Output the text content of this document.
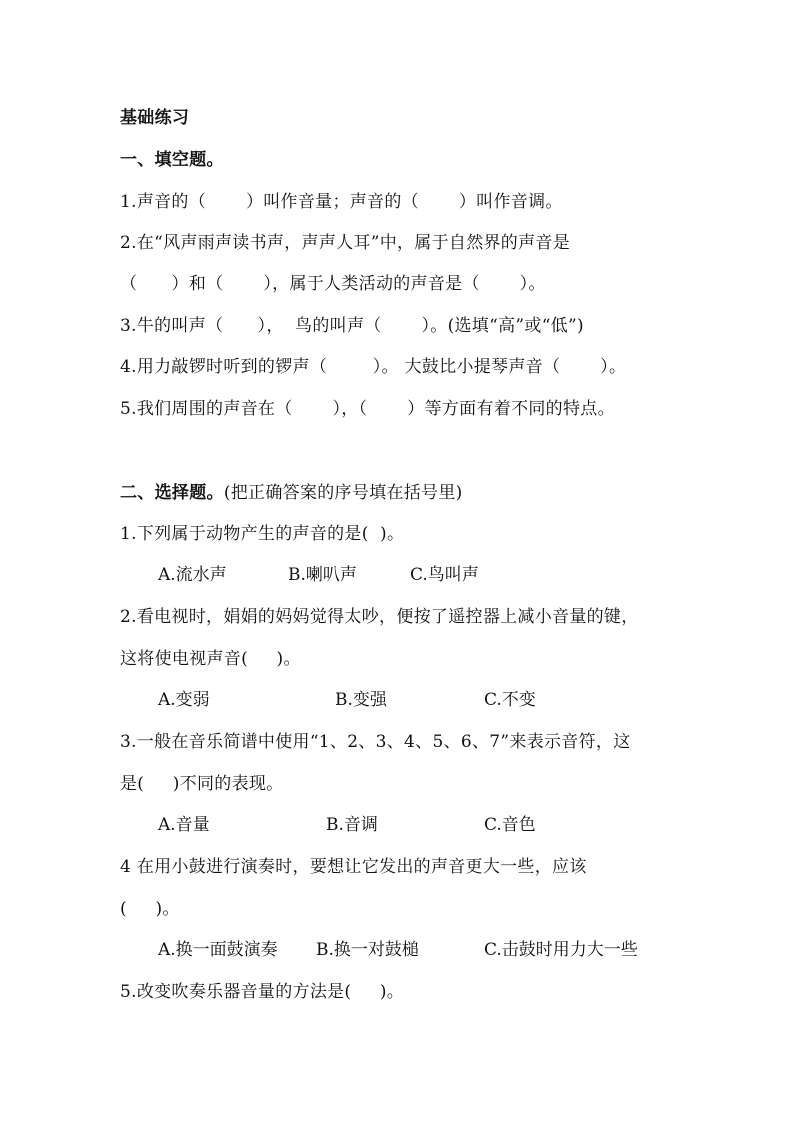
基础练习
一、填空题。
1.声音的（       ）叫作音量；声音的（       ）叫作音调。
2.在“风声雨声读书声，声声人耳”中，属于自然界的声音是
（      ）和（       ），属于人类活动的声音是（       ）。
3.牛的叫声（      ），  鸟的叫声（       ）。(选填“高”或“低”)
4.用力敲锣时听到的锣声（        ）。 大鼓比小提琴声音（       ）。
5.我们周围的声音在（       ），（       ）等方面有着不同的特点。
二、选择题。(把正确答案的序号填在括号里)
1.下列属于动物产生的声音的是(  )。
A.流水声	B.喇叭声	C.鸟叫声
2.看电视时，娟娟的妈妈觉得太吵，便按了遥控器上减小音量的键，
这将使电视声音(     )。
A.变弱	B.变强	C.不变
3.一般在音乐简谱中使用“1、2、3、4、5、6、7”来表示音符，这
是(     )不同的表现。
A.音量	B.音调	C.音色
4 在用小鼓进行演奏时，要想让它发出的声音更大一些，应该
(     )。
A.换一面鼓演奏 B.换一对鼓槌	C.击鼓时用力大一些
5.改变吹奏乐器音量的方法是(     )。
